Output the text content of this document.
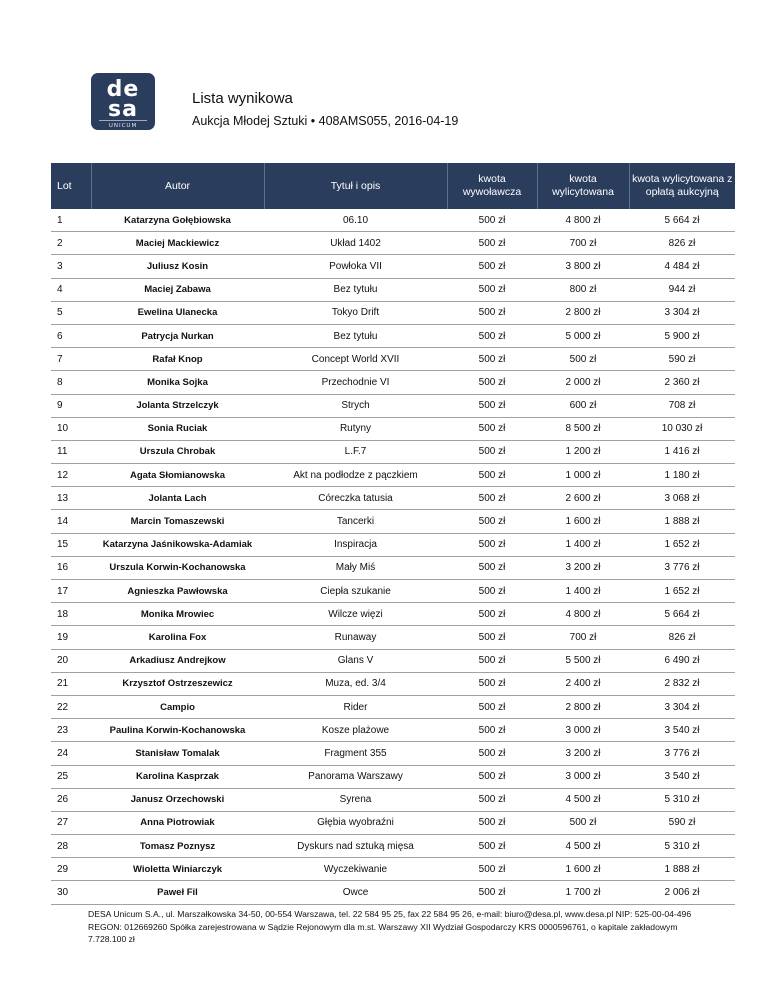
de
sa
UNICUM
Lista wynikowa
Aukcja Młodej Sztuki • 408AMS055, 2016-04-19
Lot	Autor	Tytuł i opis	kwota wywoławcza	kwota wylicytowana	kwota wylicytowana z opłatą aukcyjną
1	Katarzyna Gołębiowska	06.10	500 zł	4 800 zł	5 664 zł
2	Maciej Mackiewicz	Układ 1402	500 zł	700 zł	826 zł
3	Juliusz Kosin	Powłoka VII	500 zł	3 800 zł	4 484 zł
4	Maciej Zabawa	Bez tytułu	500 zł	800 zł	944 zł
5	Ewelina Ulanecka	Tokyo Drift	500 zł	2 800 zł	3 304 zł
6	Patrycja Nurkan	Bez tytułu	500 zł	5 000 zł	5 900 zł
7	Rafał Knop	Concept World XVII	500 zł	500 zł	590 zł
8	Monika Sojka	Przechodnie VI	500 zł	2 000 zł	2 360 zł
9	Jolanta Strzelczyk	Strych	500 zł	600 zł	708 zł
10	Sonia Ruciak	Rutyny	500 zł	8 500 zł	10 030 zł
11	Urszula Chrobak	L.F.7	500 zł	1 200 zł	1 416 zł
12	Agata Słomianowska	Akt na podłodze z pączkiem	500 zł	1 000 zł	1 180 zł
13	Jolanta Lach	Córeczka tatusia	500 zł	2 600 zł	3 068 zł
14	Marcin Tomaszewski	Tancerki	500 zł	1 600 zł	1 888 zł
15	Katarzyna Jaśnikowska-Adamiak	Inspiracja	500 zł	1 400 zł	1 652 zł
16	Urszula Korwin-Kochanowska	Mały Miś	500 zł	3 200 zł	3 776 zł
17	Agnieszka Pawłowska	Ciepła szukanie	500 zł	1 400 zł	1 652 zł
18	Monika Mrowiec	Wilcze więzi	500 zł	4 800 zł	5 664 zł
19	Karolina Fox	Runaway	500 zł	700 zł	826 zł
20	Arkadiusz Andrejkow	Glans V	500 zł	5 500 zł	6 490 zł
21	Krzysztof Ostrzeszewicz	Muza, ed. 3/4	500 zł	2 400 zł	2 832 zł
22	Campio	Rider	500 zł	2 800 zł	3 304 zł
23	Paulina Korwin-Kochanowska	Kosze plażowe	500 zł	3 000 zł	3 540 zł
24	Stanisław Tomalak	Fragment 355	500 zł	3 200 zł	3 776 zł
25	Karolina Kasprzak	Panorama Warszawy	500 zł	3 000 zł	3 540 zł
26	Janusz Orzechowski	Syrena	500 zł	4 500 zł	5 310 zł
27	Anna Piotrowiak	Głębia wyobraźni	500 zł	500 zł	590 zł
28	Tomasz Poznysz	Dyskurs nad sztuką mięsa	500 zł	4 500 zł	5 310 zł
29	Wioletta Winiarczyk	Wyczekiwanie	500 zł	1 600 zł	1 888 zł
30	Paweł Fil	Owce	500 zł	1 700 zł	2 006 zł
DESA Unicum S.A., ul. Marszałkowska 34-50, 00-554 Warszawa, tel. 22 584 95 25, fax 22 584 95 26, e-mail: biuro@desa.pl, www.desa.pl NIP: 525-00-04-496 REGON: 012669260 Spółka zarejestrowana w Sądzie Rejonowym dla m.st. Warszawy XII Wydział Gospodarczy KRS 0000596761, o kapitale zakładowym 7.728.100 zł
